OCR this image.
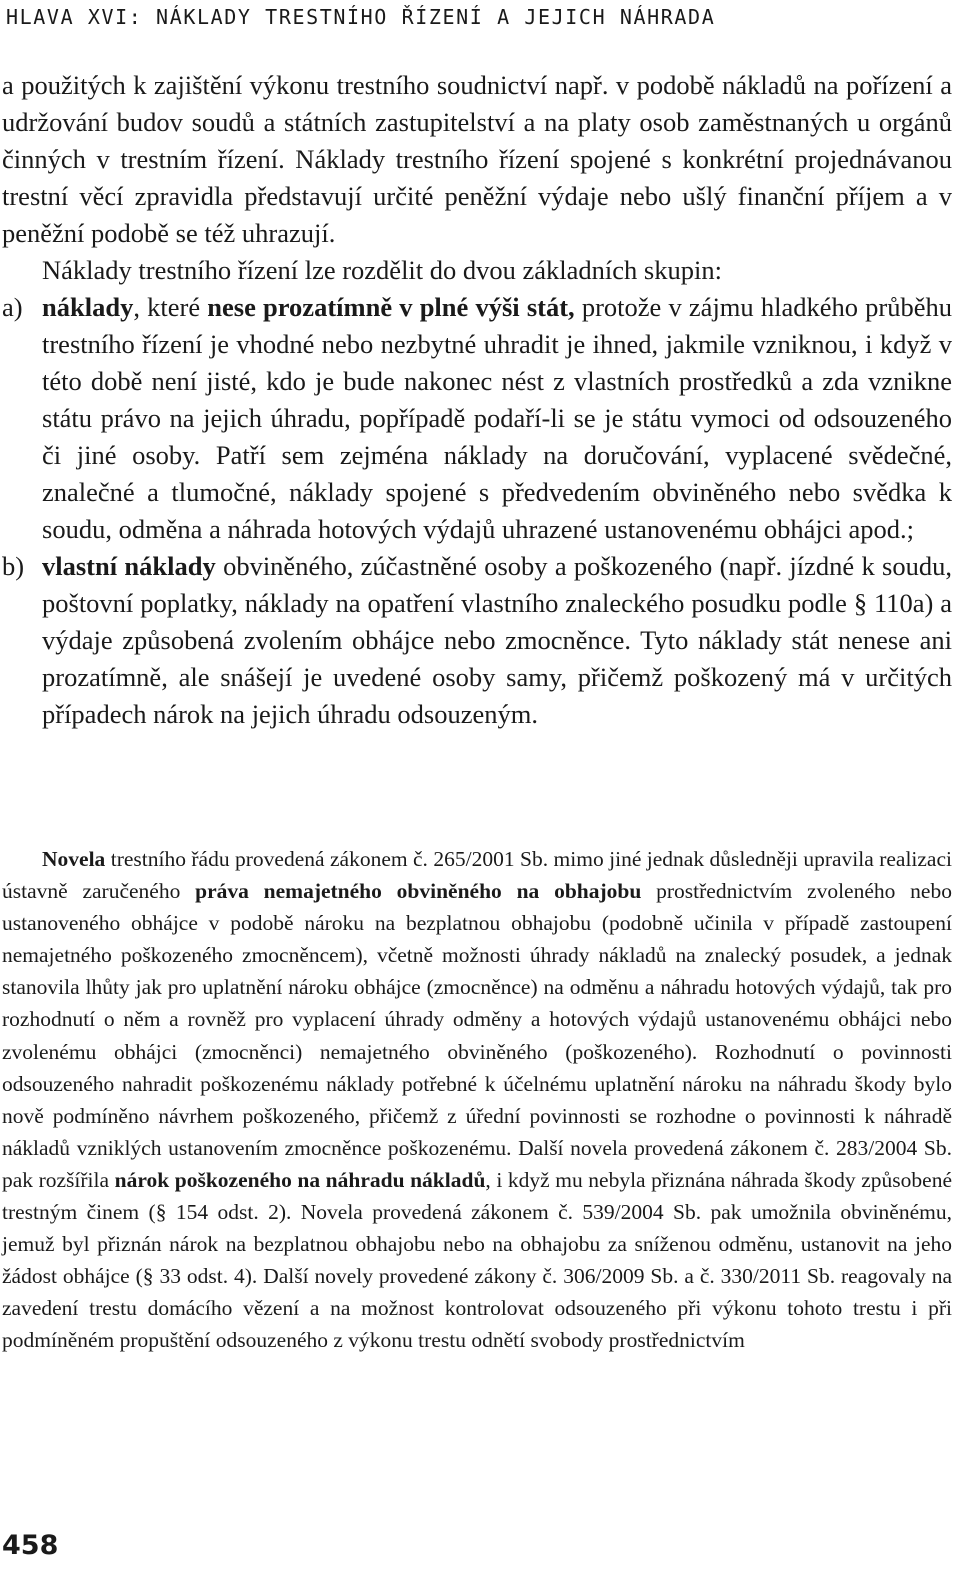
HLAVA XVI: NÁKLADY TRESTNÍHO ŘÍZENÍ A JEJICH NÁHRADA

a použitých k zajištění výkonu trestního soudnictví např. v podobě nákladů na pořízení a udržování budov soudů a státních zastupitelství a na platy osob zaměstnaných u orgánů činných v trestním řízení. Náklady trestního řízení spojené s konkrétní projednávanou trestní věcí zpravidla představují určité peněžní výdaje nebo ušlý finanční příjem a v peněžní podobě se též uhrazují.

Náklady trestního řízení lze rozdělit do dvou základních skupin:

a) náklady, které nese prozatímně v plné výši stát, protože v zájmu hladkého průběhu trestního řízení je vhodné nebo nezbytné uhradit je ihned, jakmile vzniknou, i když v této době není jisté, kdo je bude nakonec nést z vlastních prostředků a zda vznikne státu právo na jejich úhradu, popřípadě podaří-li se je státu vymoci od odsouzeného či jiné osoby. Patří sem zejména náklady na doručování, vyplacené svědečné, znalečné a tlumočné, náklady spojené s předvedením obviněného nebo svědka k soudu, odměna a náhrada hotových výdajů uhrazené ustanovenému obhájci apod.;
b) vlastní náklady obviněného, zúčastněné osoby a poškozeného (např. jízdné k soudu, poštovní poplatky, náklady na opatření vlastního znaleckého posudku podle § 110a) a výdaje způsobená zvolením obhájce nebo zmocněnce. Tyto náklady stát nenese ani prozatímně, ale snášejí je uvedené osoby samy, přičemž poškozený má v určitých případech nárok na jejich úhradu odsouzeným.

Novela trestního řádu provedená zákonem č. 265/2001 Sb. mimo jiné jednak důsledněji upravila realizaci ústavně zaručeného práva nemajetného obviněného na obhajobu prostřednictvím zvoleného nebo ustanoveného obhájce v podobě nároku na bezplatnou obhajobu (podobně učinila v případě zastoupení nemajetného poškozeného zmocněncem), včetně možnosti úhrady nákladů na znalecký posudek, a jednak stanovila lhůty jak pro uplatnění nároku obhájce (zmocněnce) na odměnu a náhradu hotových výdajů, tak pro rozhodnutí o něm a rovněž pro vyplacení úhrady odměny a hotových výdajů ustanovenému obhájci nebo zvolenému obhájci (zmocněnci) nemajetného obviněného (poškozeného). Rozhodnutí o povinnosti odsouzeného nahradit poškozenému náklady potřebné k účelnému uplatnění nároku na náhradu škody bylo nově podmíněno návrhem poškozeného, přičemž z úřední povinnosti se rozhodne o povinnosti k náhradě nákladů vzniklých ustanovením zmocněnce poškozenému. Další novela provedená zákonem č. 283/2004 Sb. pak rozšířila nárok poškozeného na náhradu nákladů, i když mu nebyla přiznána náhrada škody způsobené trestným činem (§ 154 odst. 2). Novela provedená zákonem č. 539/2004 Sb. pak umožnila obviněnému, jemuž byl přiznán nárok na bezplatnou obhajobu nebo na obhajobu za sníženou odměnu, ustanovit na jeho žádost obhájce (§ 33 odst. 4). Další novely provedené zákony č. 306/2009 Sb. a č. 330/2011 Sb. reagovaly na zavedení trestu domácího vězení a na možnost kontrolovat odsouzeného při výkonu tohoto trestu i při podmíněném propuštění odsouzeného z výkonu trestu odnětí svobody prostřednictvím

458
